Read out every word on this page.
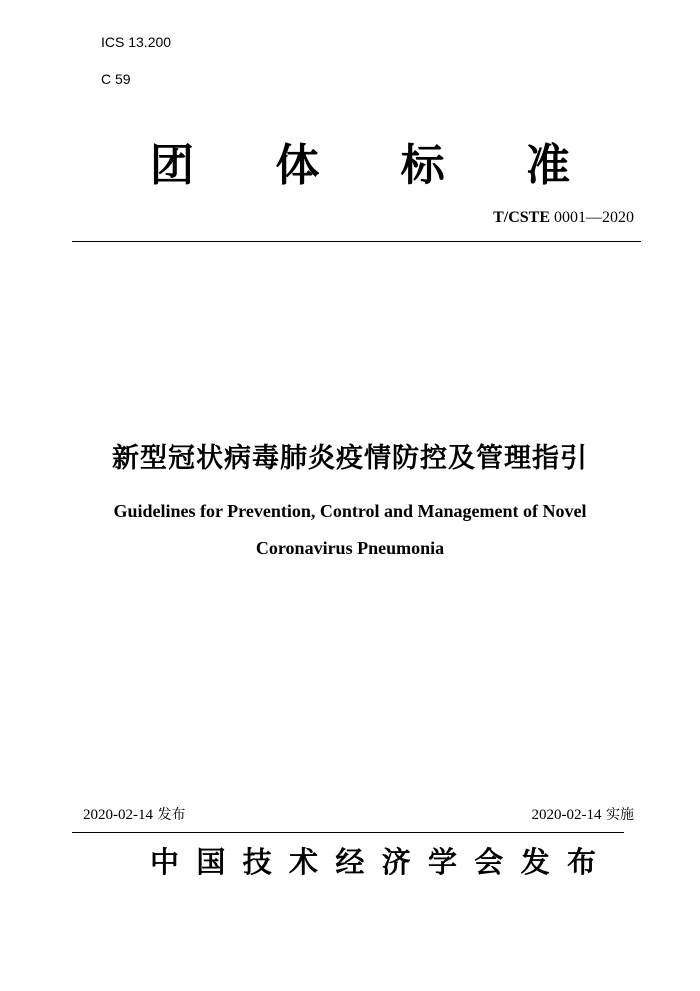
ICS 13.200
C 59
团 体 标 准
T/CSTE 0001—2020
新型冠状病毒肺炎疫情防控及管理指引
Guidelines for Prevention, Control and Management of Novel
Coronavirus Pneumonia
2020-02-14 发布	2020-02-14 实施
中 国 技 术 经 济 学 会 发 布
